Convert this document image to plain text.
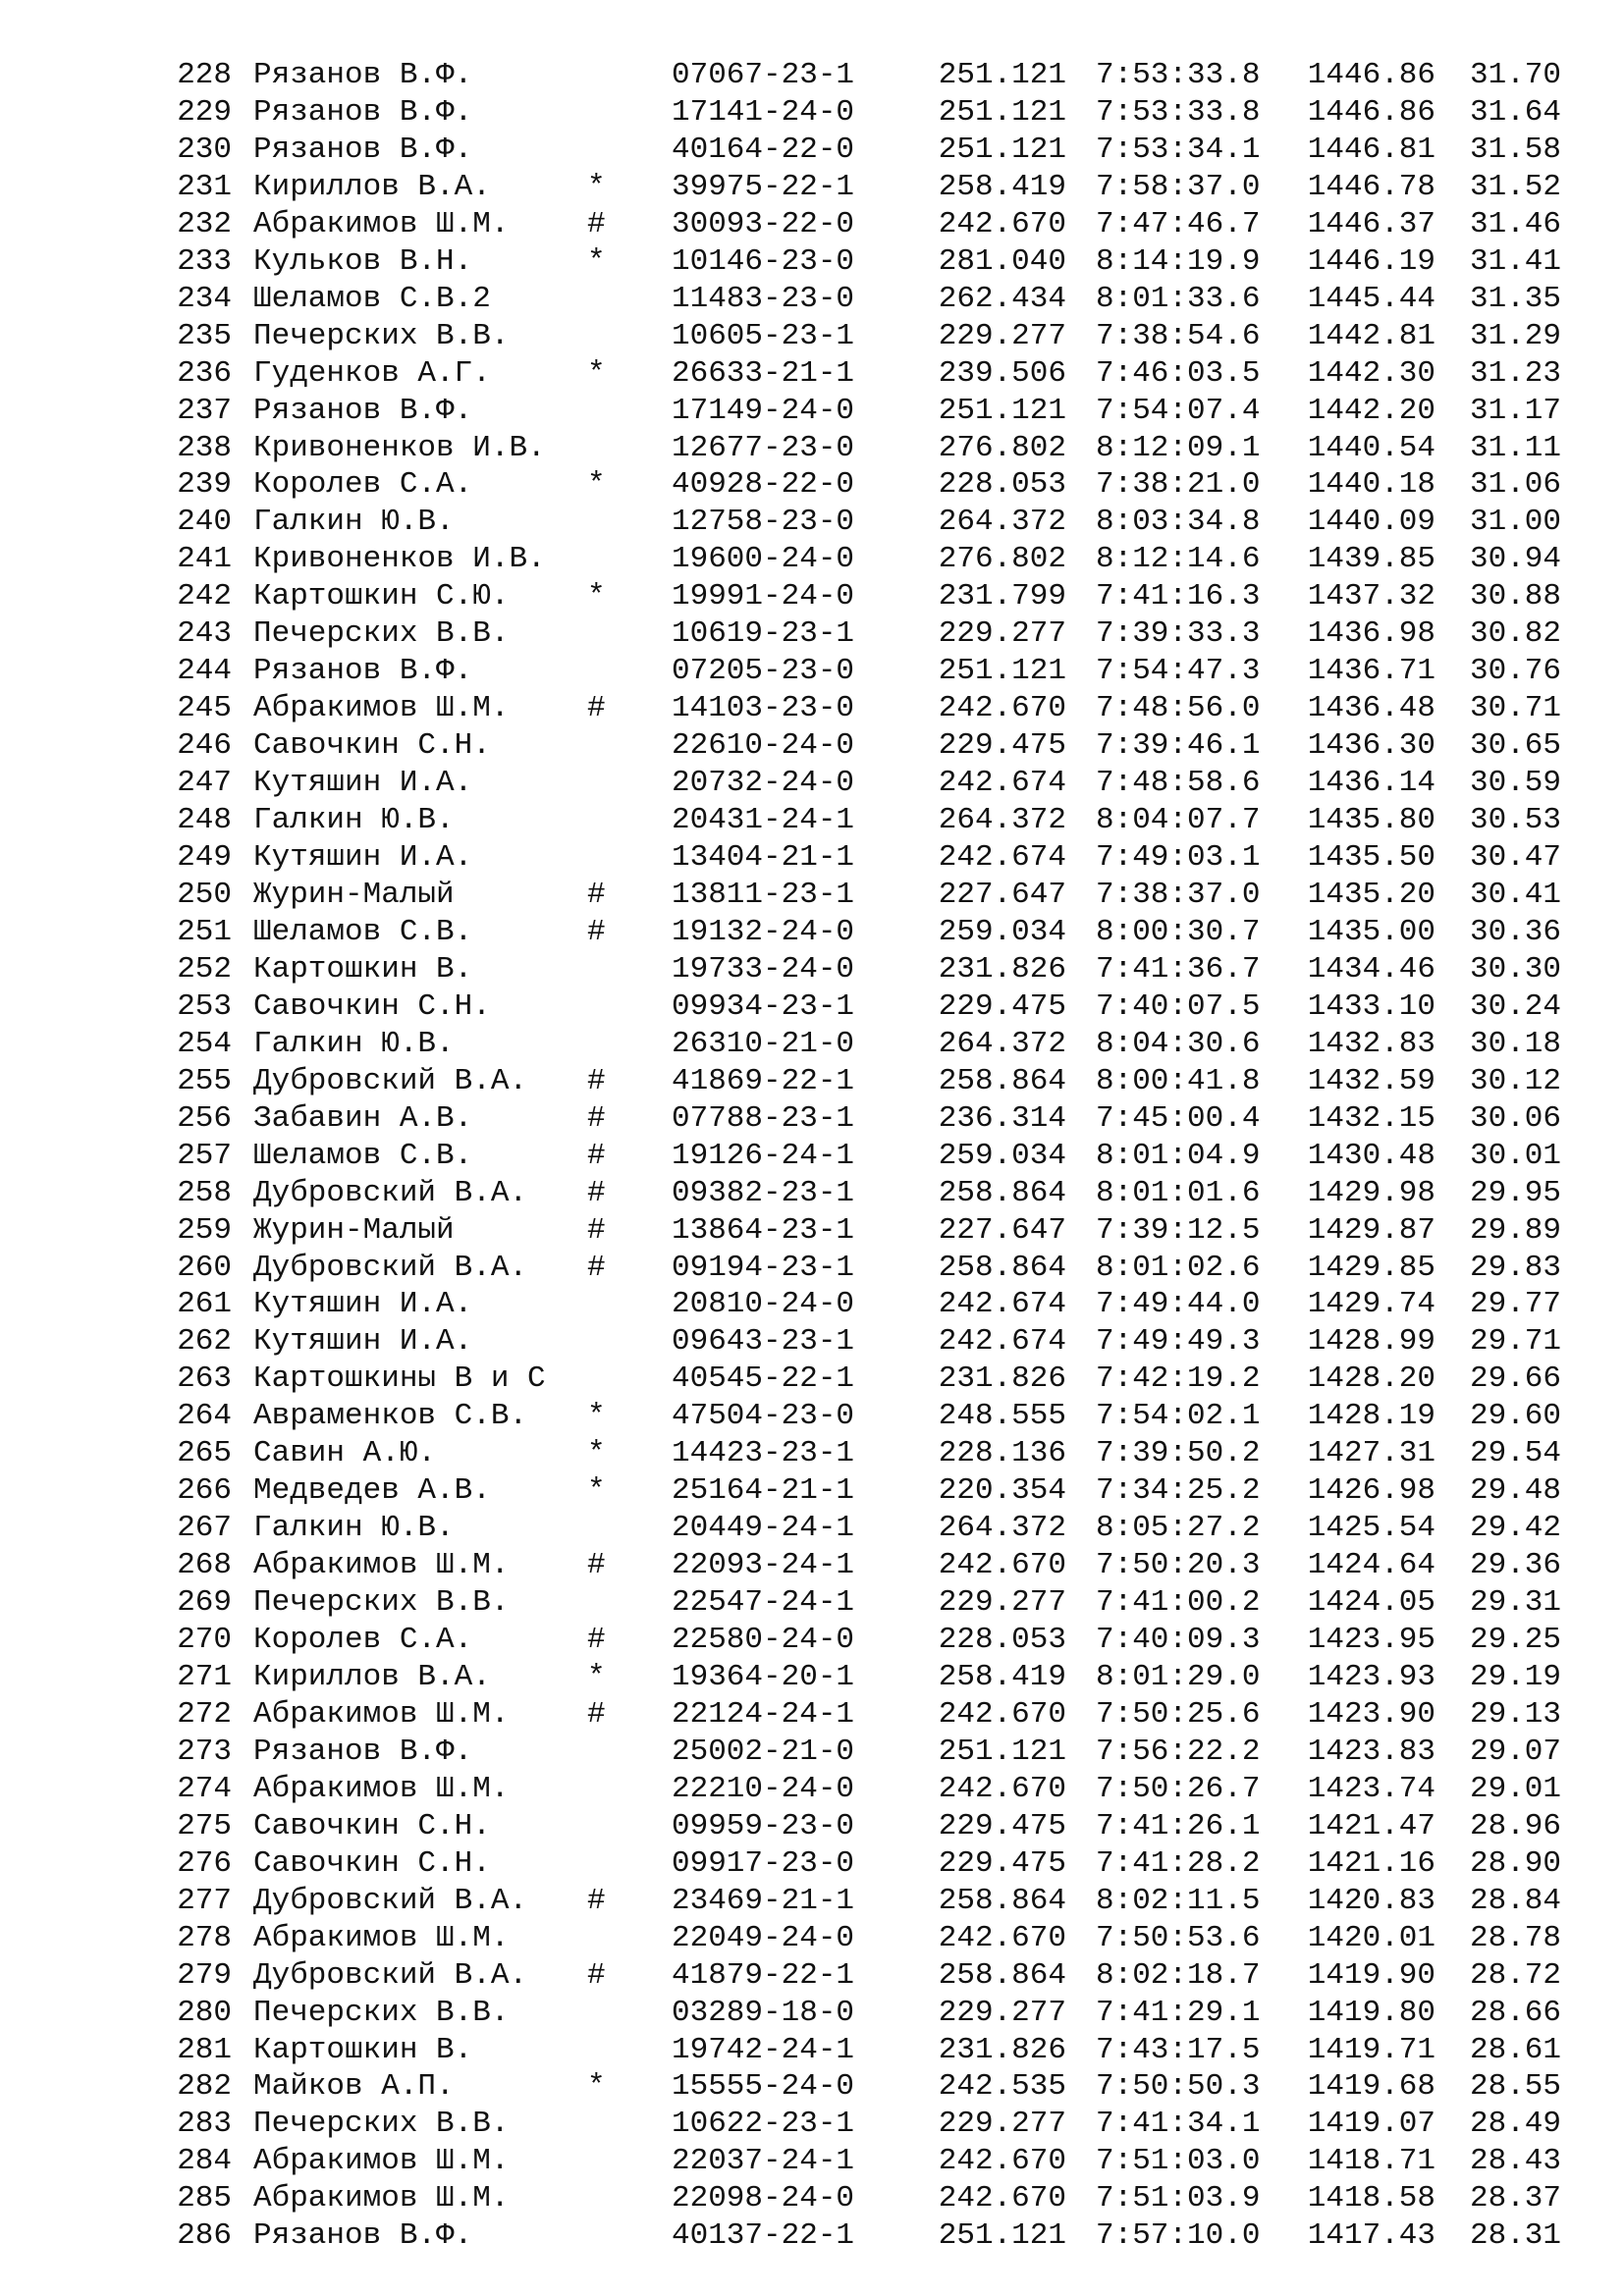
228 Рязанов В.Ф.	07067-23-1	251.121 7:53:33.8 1446.86 31.70
229 Рязанов В.Ф.	17141-24-0	251.121 7:53:33.8 1446.86 31.64
230 Рязанов В.Ф.	40164-22-0	251.121 7:53:34.1 1446.81 31.58
231 Кириллов В.А.	* 39975-22-1	258.419 7:58:37.0 1446.78 31.52
232 Абракимов Ш.М.	# 30093-22-0	242.670 7:47:46.7 1446.37 31.46
233 Кульков В.Н.	* 10146-23-0	281.040 8:14:19.9 1446.19 31.41
234 Шеламов С.В.2	11483-23-0	262.434 8:01:33.6 1445.44 31.35
235 Печерских В.В.	10605-23-1	229.277 7:38:54.6 1442.81 31.29
236 Гуденков А.Г.	* 26633-21-1	239.506 7:46:03.5 1442.30 31.23
237 Рязанов В.Ф.	17149-24-0	251.121 7:54:07.4 1442.20 31.17
238 Кривоненков И.В.	12677-23-0	276.802 8:12:09.1 1440.54 31.11
239 Королев С.А.	* 40928-22-0	228.053 7:38:21.0 1440.18 31.06
240 Галкин Ю.В.	12758-23-0	264.372 8:03:34.8 1440.09 31.00
241 Кривоненков И.В.	19600-24-0	276.802 8:12:14.6 1439.85 30.94
242 Картошкин С.Ю.	* 19991-24-0	231.799 7:41:16.3 1437.32 30.88
243 Печерских В.В.	10619-23-1	229.277 7:39:33.3 1436.98 30.82
244 Рязанов В.Ф.	07205-23-0	251.121 7:54:47.3 1436.71 30.76
245 Абракимов Ш.М.	# 14103-23-0	242.670 7:48:56.0 1436.48 30.71
246 Савочкин С.Н.	22610-24-0	229.475 7:39:46.1 1436.30 30.65
247 Кутяшин И.А.	20732-24-0	242.674 7:48:58.6 1436.14 30.59
248 Галкин Ю.В.	20431-24-1	264.372 8:04:07.7 1435.80 30.53
249 Кутяшин И.А.	13404-21-1	242.674 7:49:03.1 1435.50 30.47
250 Журин-Малый	# 13811-23-1	227.647 7:38:37.0 1435.20 30.41
251 Шеламов С.В.	# 19132-24-0	259.034 8:00:30.7 1435.00 30.36
252 Картошкин В.	19733-24-0	231.826 7:41:36.7 1434.46 30.30
253 Савочкин С.Н.	09934-23-1	229.475 7:40:07.5 1433.10 30.24
254 Галкин Ю.В.	26310-21-0	264.372 8:04:30.6 1432.83 30.18
255 Дубровский В.А. # 41869-22-1	258.864 8:00:41.8 1432.59 30.12
256 Забавин А.В.	# 07788-23-1	236.314 7:45:00.4 1432.15 30.06
257 Шеламов С.В.	# 19126-24-1	259.034 8:01:04.9 1430.48 30.01
258 Дубровский В.А. # 09382-23-1	258.864 8:01:01.6 1429.98 29.95
259 Журин-Малый	# 13864-23-1	227.647 7:39:12.5 1429.87 29.89
260 Дубровский В.А. # 09194-23-1	258.864 8:01:02.6 1429.85 29.83
261 Кутяшин И.А.	20810-24-0	242.674 7:49:44.0 1429.74 29.77
262 Кутяшин И.А.	09643-23-1	242.674 7:49:49.3 1428.99 29.71
263 Картошкины В и С	40545-22-1	231.826 7:42:19.2 1428.20 29.66
264 Авраменков С.В. * 47504-23-0	248.555 7:54:02.1 1428.19 29.60
265 Савин А.Ю.	* 14423-23-1	228.136 7:39:50.2 1427.31 29.54
266 Медведев А.В.	* 25164-21-1	220.354 7:34:25.2 1426.98 29.48
267 Галкин Ю.В.	20449-24-1	264.372 8:05:27.2 1425.54 29.42
268 Абракимов Ш.М.	# 22093-24-1	242.670 7:50:20.3 1424.64 29.36
269 Печерских В.В.	22547-24-1	229.277 7:41:00.2 1424.05 29.31
270 Королев С.А.	# 22580-24-0	228.053 7:40:09.3 1423.95 29.25
271 Кириллов В.А.	* 19364-20-1	258.419 8:01:29.0 1423.93 29.19
272 Абракимов Ш.М.	# 22124-24-1	242.670 7:50:25.6 1423.90 29.13
273 Рязанов В.Ф.	25002-21-0	251.121 7:56:22.2 1423.83 29.07
274 Абракимов Ш.М.	22210-24-0	242.670 7:50:26.7 1423.74 29.01
275 Савочкин С.Н.	09959-23-0	229.475 7:41:26.1 1421.47 28.96
276 Савочкин С.Н.	09917-23-0	229.475 7:41:28.2 1421.16 28.90
277 Дубровский В.А. # 23469-21-1	258.864 8:02:11.5 1420.83 28.84
278 Абракимов Ш.М.	22049-24-0	242.670 7:50:53.6 1420.01 28.78
279 Дубровский В.А. # 41879-22-1	258.864 8:02:18.7 1419.90 28.72
280 Печерских В.В.	03289-18-0	229.277 7:41:29.1 1419.80 28.66
281 Картошкин В.	19742-24-1	231.826 7:43:17.5 1419.71 28.61
282 Майков А.П.	* 15555-24-0	242.535 7:50:50.3 1419.68 28.55
283 Печерских В.В.	10622-23-1	229.277 7:41:34.1 1419.07 28.49
284 Абракимов Ш.М.	22037-24-1	242.670 7:51:03.0 1418.71 28.43
285 Абракимов Ш.М.	22098-24-0	242.670 7:51:03.9 1418.58 28.37
286 Рязанов В.Ф.	40137-22-1	251.121 7:57:10.0 1417.43 28.31
